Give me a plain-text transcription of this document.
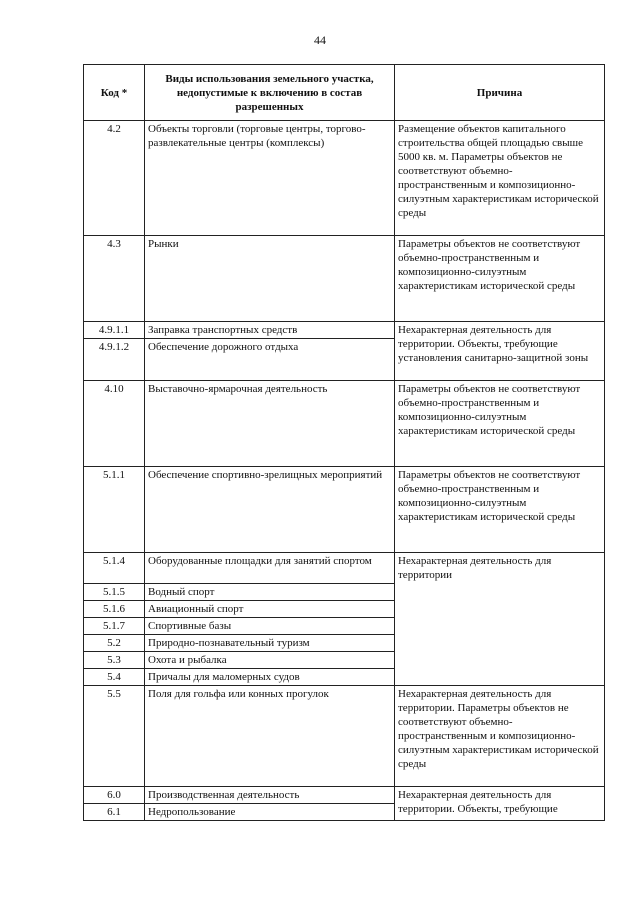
44
Код *	Виды использования земельного участка, недопустимые к включению в состав разрешенных	Причина
4.2	Объекты торговли (торговые центры, торгово-развлекательные центры (комплексы)	Размещение объектов капитального строительства общей площадью свыше 5000 кв. м. Параметры объектов не соответствуют объемно-пространственным и композиционно-силуэтным характеристикам исторической среды
4.3	Рынки	Параметры объектов не соответствуют объемно-пространственным и композиционно-силуэтным характеристикам исторической среды
4.9.1.1	Заправка транспортных средств	Нехарактерная деятельность для территории. Объекты, требующие установления санитарно-защитной зоны
4.9.1.2	Обеспечение дорожного отдыха	
4.10	Выставочно-ярмарочная деятельность	Параметры объектов не соответствуют объемно-пространственным и композиционно-силуэтным характеристикам исторической среды
5.1.1	Обеспечение спортивно-зрелищных мероприятий	Параметры объектов не соответствуют объемно-пространственным и композиционно-силуэтным характеристикам исторической среды
5.1.4	Оборудованные площадки для занятий спортом	Нехарактерная деятельность для территории
5.1.5	Водный спорт	
5.1.6	Авиационный спорт	
5.1.7	Спортивные базы	
5.2	Природно-познавательный туризм	
5.3	Охота и рыбалка	
5.4	Причалы для маломерных судов	
5.5	Поля для гольфа или конных прогулок	Нехарактерная деятельность для территории. Параметры объектов не соответствуют объемно-пространственным и композиционно-силуэтным характеристикам исторической среды
6.0	Производственная деятельность	Нехарактерная деятельность для территории. Объекты, требующие
6.1	Недропользование	
